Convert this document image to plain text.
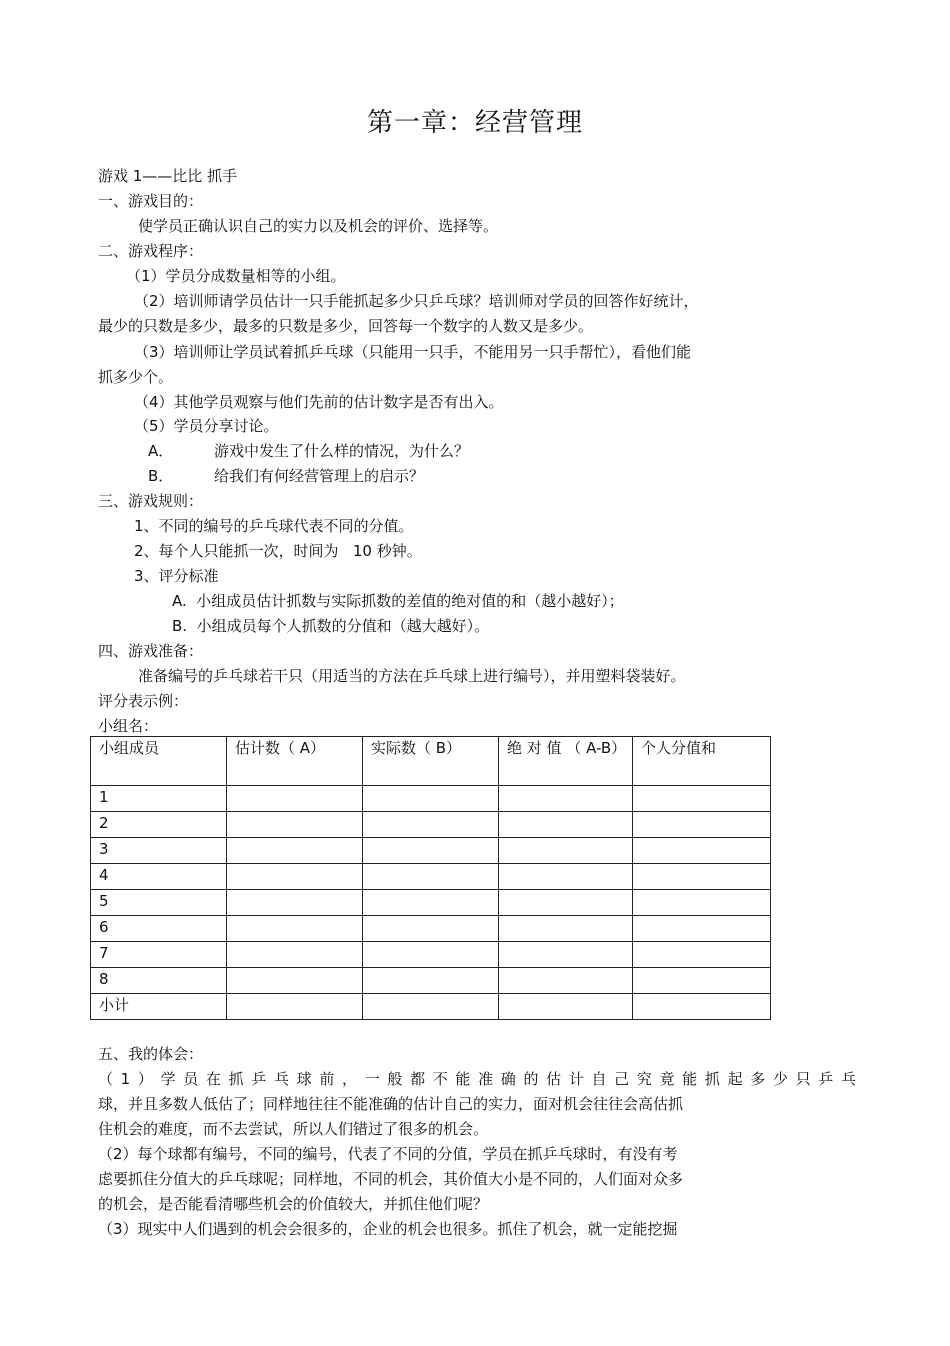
第一章：经营管理
游戏 1——比比 抓手
一、游戏目的：
使学员正确认识自己的实力以及机会的评价、选择等。
二、游戏程序：
（1）学员分成数量相等的小组。
（2）培训师请学员估计一只手能抓起多少只乒乓球？培训师对学员的回答作好统计，
最少的只数是多少，最多的只数是多少，回答每一个数字的人数又是多少。
（3）培训师让学员试着抓乒乓球（只能用一只手，不能用另一只手帮忙），看他们能
抓多少个。
（4）其他学员观察与他们先前的估计数字是否有出入。
（5）学员分享讨论。
A．	游戏中发生了什么样的情况，为什么？
B．	给我们有何经营管理上的启示？
三、游戏规则：
1、不同的编号的乒乓球代表不同的分值。
2、每个人只能抓一次，时间为   10 秒钟。
3、评分标准
A.  小组成员估计抓数与实际抓数的差值的绝对值的和（越小越好）；
B.  小组成员每个人抓数的分值和（越大越好）。
四、游戏准备：
准备编号的乒乓球若干只（用适当的方法在乒乓球上进行编号），并用塑料袋装好。
评分表示例：
小组名：
小组成员	估计数（ A）	实际数（ B）	绝 对 值 （ A-B）	个人分值和
1				
2				
3				
4				
5				
6				
7				
8				
小计				
五、我的体会：
（1）学员在抓乒乓球前，一般都不能准确的估计自己究竟能抓起多少只乒乓
球，并且多数人低估了；同样地往往不能准确的估计自己的实力，面对机会往往会高估抓
住机会的难度，而不去尝试，所以人们错过了很多的机会。
（2）每个球都有编号，不同的编号，代表了不同的分值，学员在抓乒乓球时，有没有考
虑要抓住分值大的乒乓球呢；同样地，不同的机会，其价值大小是不同的，人们面对众多
的机会，是否能看清哪些机会的价值较大，并抓住他们呢？
（3）现实中人们遇到的机会会很多的，企业的机会也很多。抓住了机会，就一定能挖掘
